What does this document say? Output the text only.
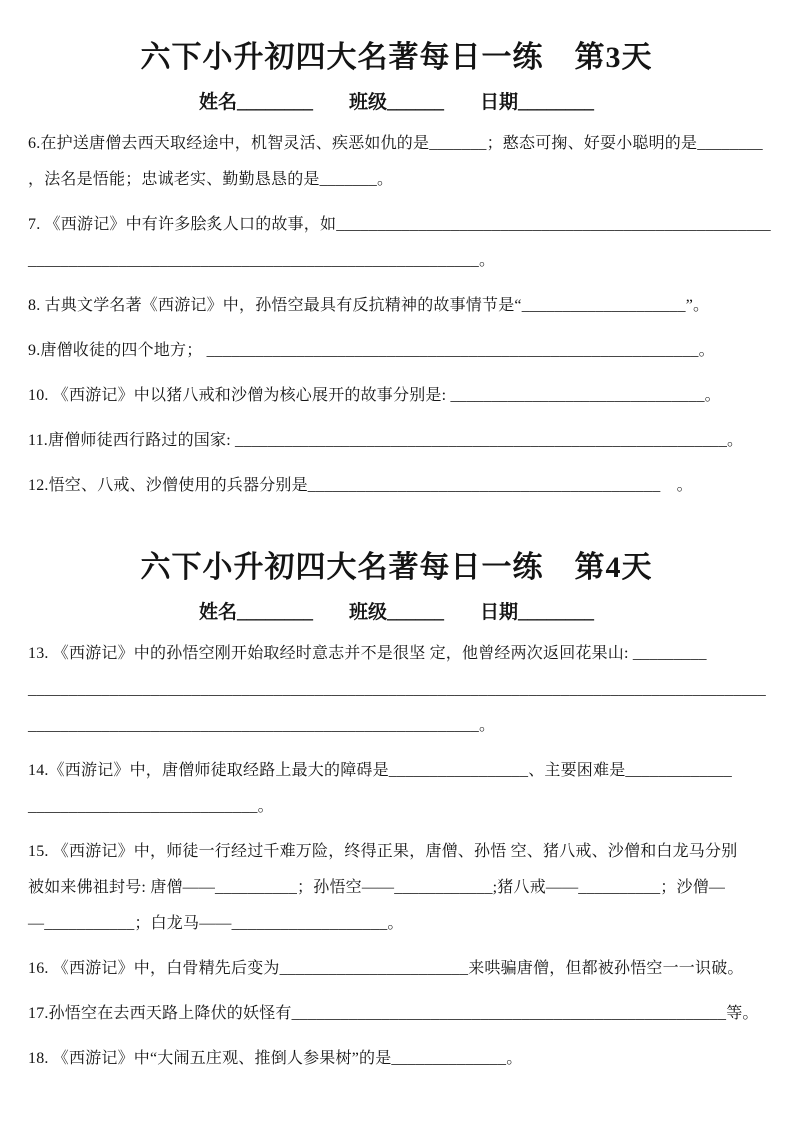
六下小升初四大名著每日一练　第3天
姓名 ________ 班级 ______ 日期 ________
6.在护送唐僧去西天取经途中，机智灵活、疾恶如仇的是_______；憨态可掬、好耍小聪明的是________
，法名是悟能；忠诚老实、勤勤恳恳的是_______。
7. 《西游记》中有许多脍炙人口的故事，如_____________________________________________________
_______________________________________________________。
8. 古典文学名著《西游记》中，孙悟空最具有反抗精神的故事情节是“____________________”。
9.唐僧收徒的四个地方； ____________________________________________________________。
10. 《西游记》中以猪八戒和沙僧为核心展开的故事分别是: _______________________________。
11.唐僧师徒西行路过的国家: ____________________________________________________________。
12.悟空、八戒、沙僧使用的兵器分别是___________________________________________　。
六下小升初四大名著每日一练　第4天
姓名 ________ 班级 ______ 日期 ________
13. 《西游记》中的孙悟空刚开始取经时意志并不是很坚 定，他曾经两次返回花果山: _________
__________________________________________________________________________________________
_______________________________________________________。
14.《西游记》中，唐僧师徒取经路上最大的障碍是_________________、主要困难是_____________
____________________________。
15. 《西游记》中，师徒一行经过千难万险，终得正果，唐僧、孙悟 空、猪八戒、沙僧和白龙马分别
被如来佛祖封号: 唐僧——__________；孙悟空——____________;猪八戒——__________；沙僧—
—___________；白龙马——___________________。
16. 《西游记》中，白骨精先后变为_______________________来哄骗唐僧，但都被孙悟空一一识破。
17.孙悟空在去西天路上降伏的妖怪有_____________________________________________________等。
18. 《西游记》中“大闹五庄观、推倒人参果树”的是______________。
